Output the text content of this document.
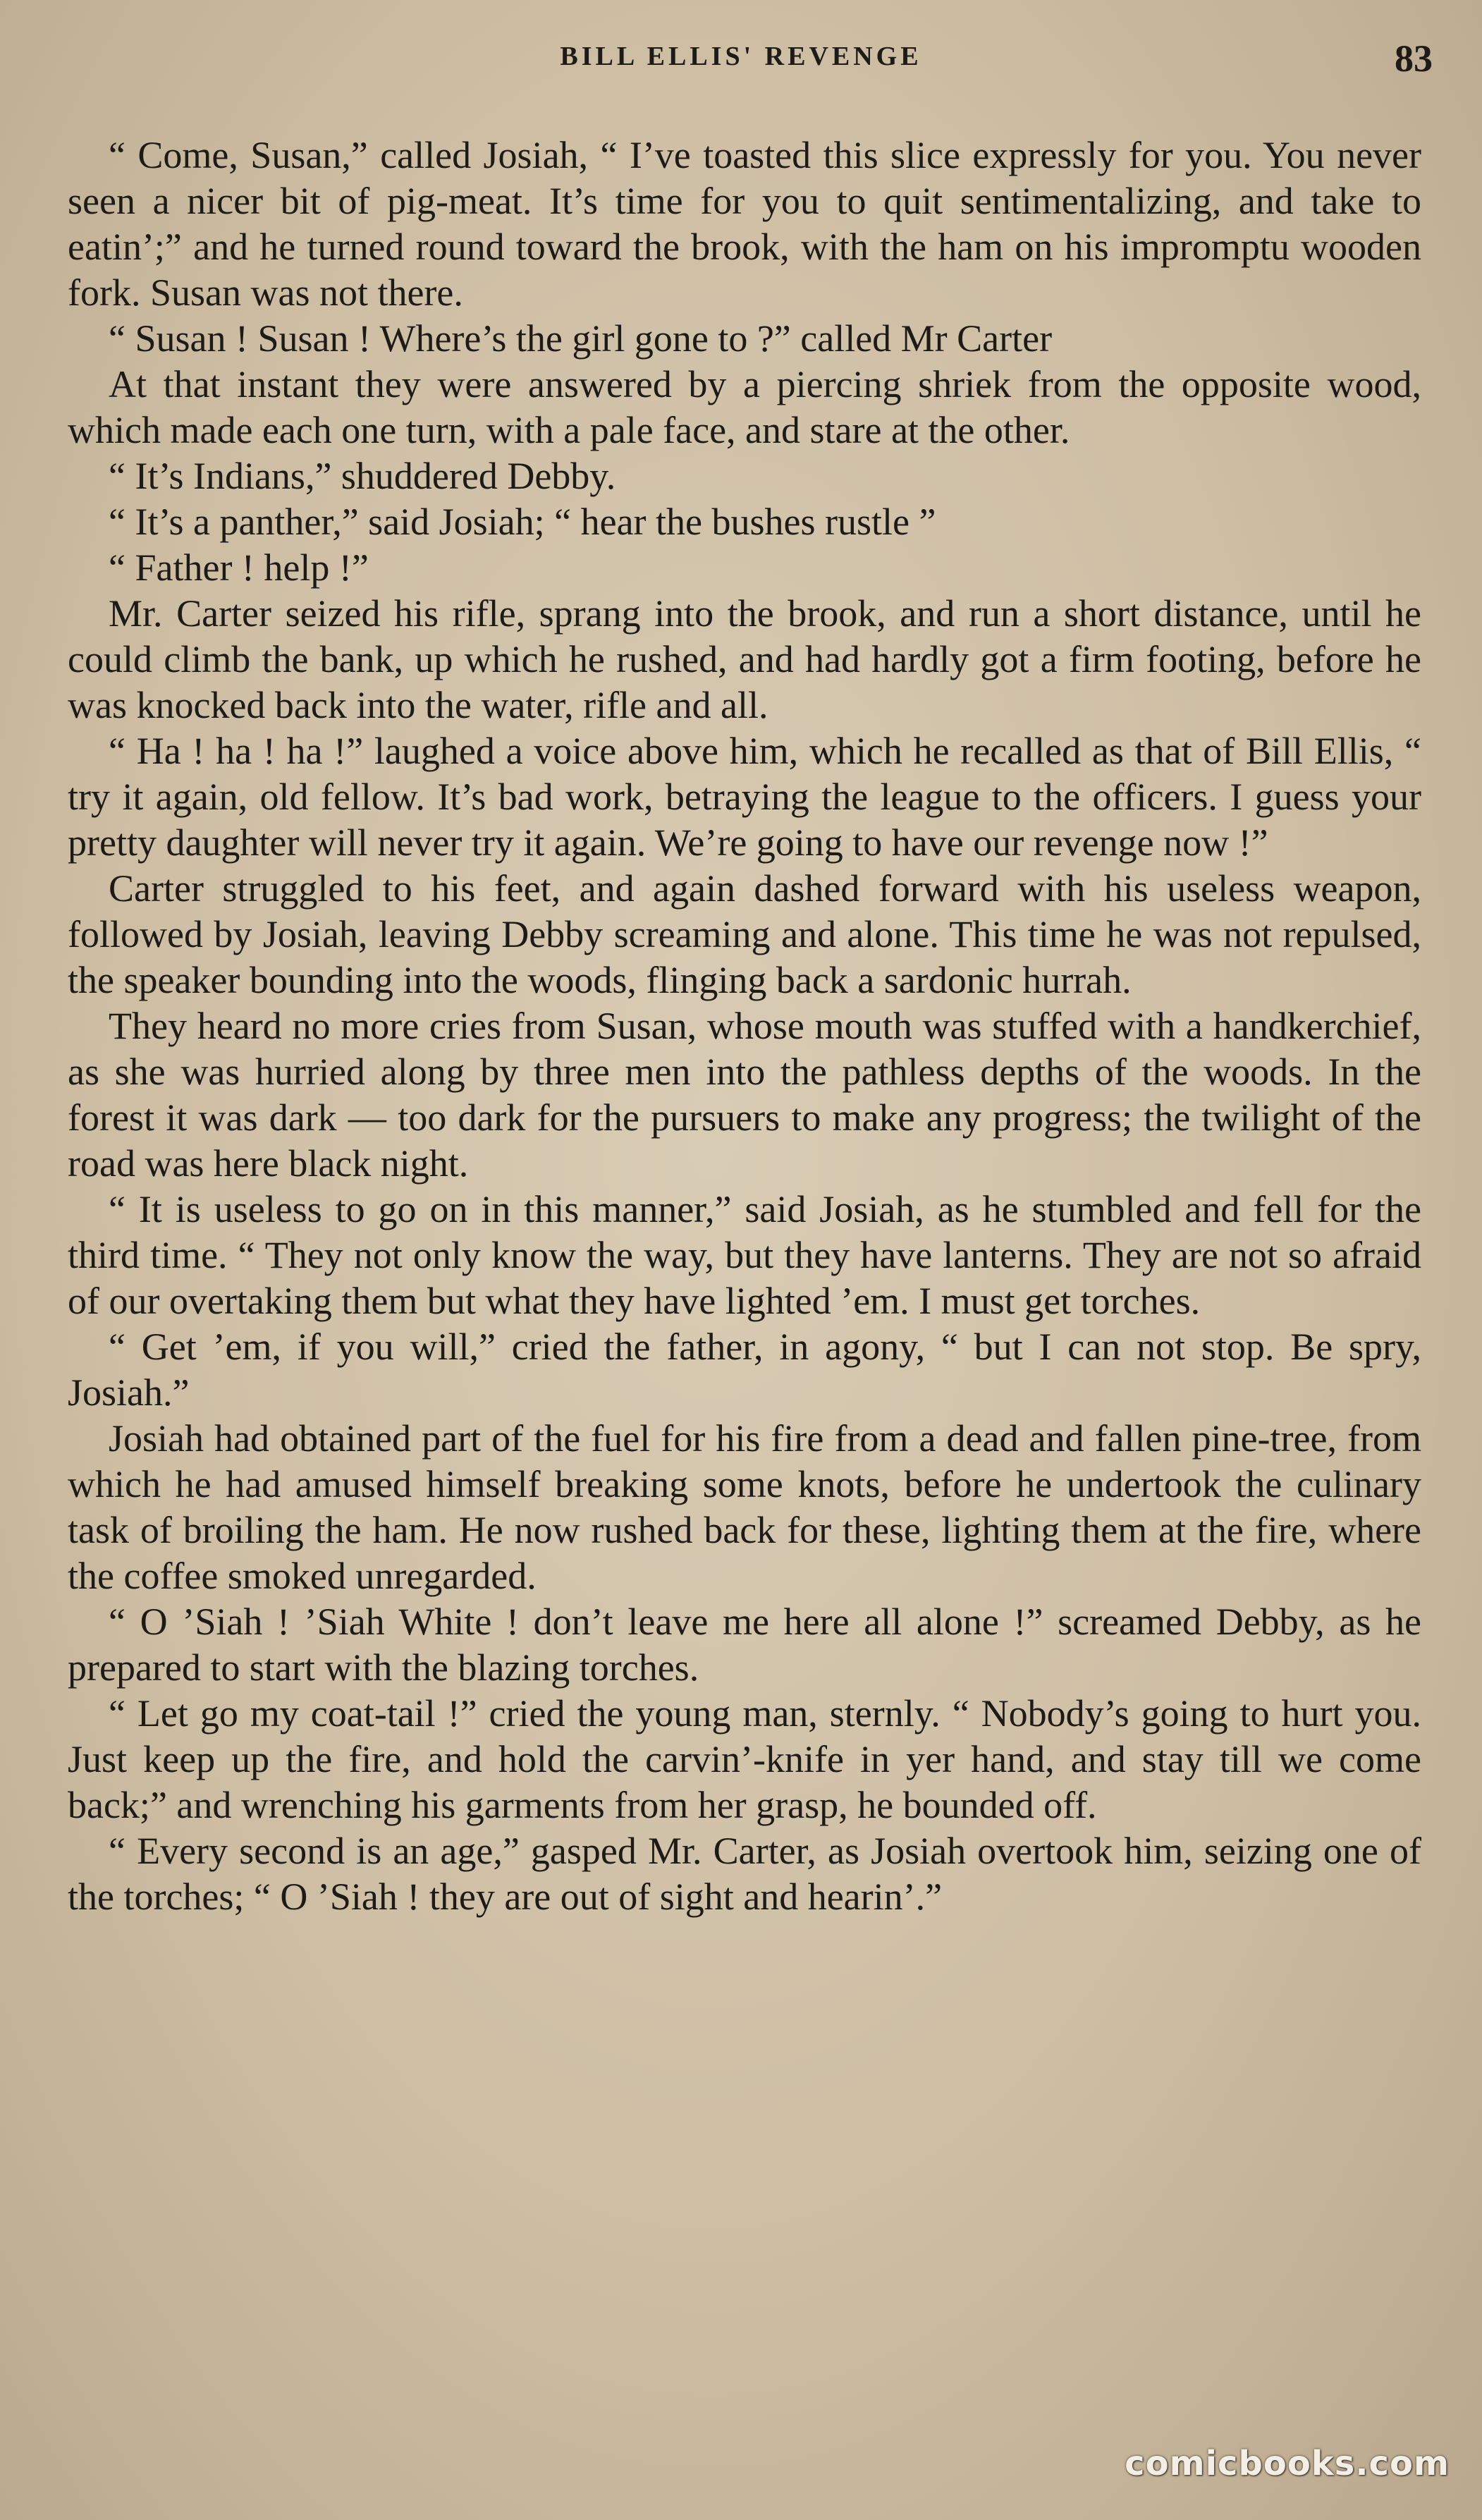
BILL ELLIS' REVENGE	83

“ Come, Susan,” called Josiah, “ I’ve toasted this slice expressly for you. You never seen a nicer bit of pig-meat. It’s time for you to quit sentimentalizing, and take to eatin’;” and he turned round toward the brook, with the ham on his impromptu wooden fork. Susan was not there.

“ Susan ! Susan ! Where’s the girl gone to ?” called Mr Carter

At that instant they were answered by a piercing shriek from the opposite wood, which made each one turn, with a pale face, and stare at the other.

“ It’s Indians,” shuddered Debby.

“ It’s a panther,” said Josiah; “ hear the bushes rustle ”

“ Father ! help !”

Mr. Carter seized his rifle, sprang into the brook, and run a short distance, until he could climb the bank, up which he rushed, and had hardly got a firm footing, before he was knocked back into the water, rifle and all.

“ Ha ! ha ! ha !” laughed a voice above him, which he recalled as that of Bill Ellis, “ try it again, old fellow. It’s bad work, betraying the league to the officers. I guess your pretty daughter will never try it again. We’re going to have our revenge now !”

Carter struggled to his feet, and again dashed forward with his useless weapon, followed by Josiah, leaving Debby screaming and alone. This time he was not repulsed, the speaker bounding into the woods, flinging back a sardonic hurrah.

They heard no more cries from Susan, whose mouth was stuffed with a handkerchief, as she was hurried along by three men into the pathless depths of the woods. In the forest it was dark — too dark for the pursuers to make any progress; the twilight of the road was here black night.

“ It is useless to go on in this manner,” said Josiah, as he stumbled and fell for the third time. “ They not only know the way, but they have lanterns. They are not so afraid of our overtaking them but what they have lighted ’em. I must get torches.

“ Get ’em, if you will,” cried the father, in agony, “ but I can not stop. Be spry, Josiah.”

Josiah had obtained part of the fuel for his fire from a dead and fallen pine-tree, from which he had amused himself breaking some knots, before he undertook the culinary task of broiling the ham. He now rushed back for these, lighting them at the fire, where the coffee smoked unregarded.

“ O ’Siah ! ’Siah White ! don’t leave me here all alone !” screamed Debby, as he prepared to start with the blazing torches.

“ Let go my coat-tail !” cried the young man, sternly. “ Nobody’s going to hurt you. Just keep up the fire, and hold the carvin’-knife in yer hand, and stay till we come back;” and wrenching his garments from her grasp, he bounded off.

“ Every second is an age,” gasped Mr. Carter, as Josiah overtook him, seizing one of the torches; “ O ’Siah ! they are out of sight and hearin’.”

comicbooks.com
